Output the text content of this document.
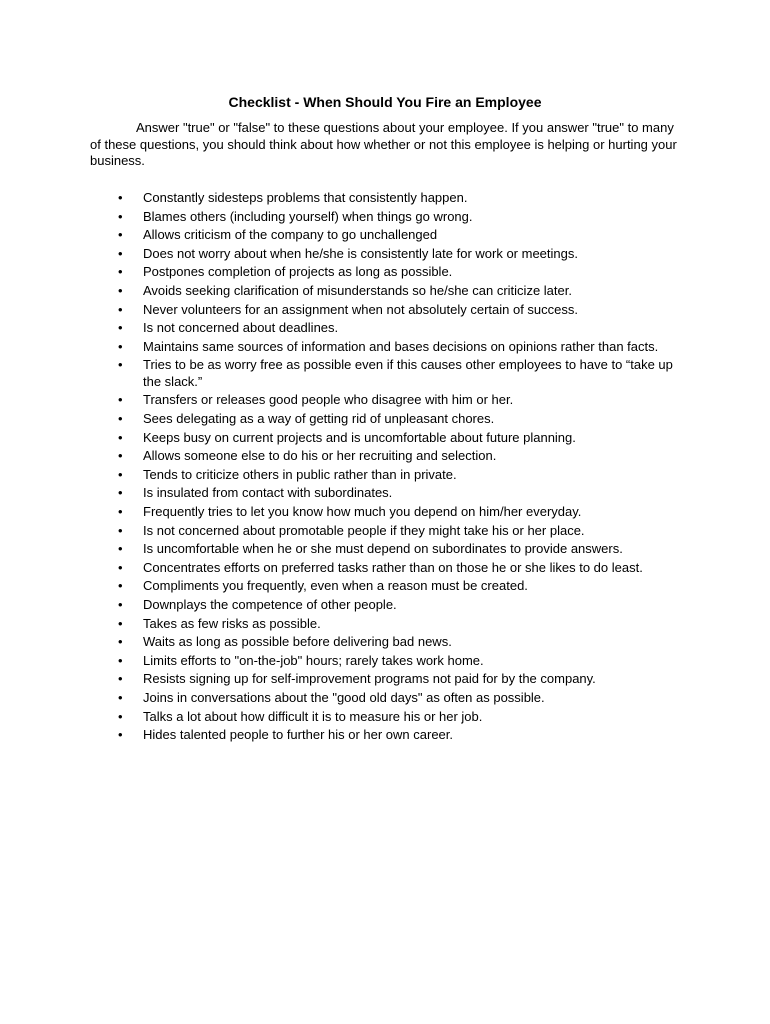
Checklist - When Should You Fire an Employee

Answer "true" or "false" to these questions about your employee. If you answer "true" to many of these questions, you should think about how whether or not this employee is helping or hurting your business.

• Constantly sidesteps problems that consistently happen.
• Blames others (including yourself) when things go wrong.
• Allows criticism of the company to go unchallenged
• Does not worry about when he/she is consistently late for work or meetings.
• Postpones completion of projects as long as possible.
• Avoids seeking clarification of misunderstands so he/she can criticize later.
• Never volunteers for an assignment when not absolutely certain of success.
• Is not concerned about deadlines.
• Maintains same sources of information and bases decisions on opinions rather than facts.
• Tries to be as worry free as possible even if this causes other employees to have to “take up the slack.”
• Transfers or releases good people who disagree with him or her.
• Sees delegating as a way of getting rid of unpleasant chores.
• Keeps busy on current projects and is uncomfortable about future planning.
• Allows someone else to do his or her recruiting and selection.
• Tends to criticize others in public rather than in private.
• Is insulated from contact with subordinates.
• Frequently tries to let you know how much you depend on him/her everyday.
• Is not concerned about promotable people if they might take his or her place.
• Is uncomfortable when he or she must depend on subordinates to provide answers.
• Concentrates efforts on preferred tasks rather than on those he or she likes to do least.
• Compliments you frequently, even when a reason must be created.
• Downplays the competence of other people.
• Takes as few risks as possible.
• Waits as long as possible before delivering bad news.
• Limits efforts to "on-the-job" hours; rarely takes work home.
• Resists signing up for self-improvement programs not paid for by the company.
• Joins in conversations about the "good old days" as often as possible.
• Talks a lot about how difficult it is to measure his or her job.
• Hides talented people to further his or her own career.
